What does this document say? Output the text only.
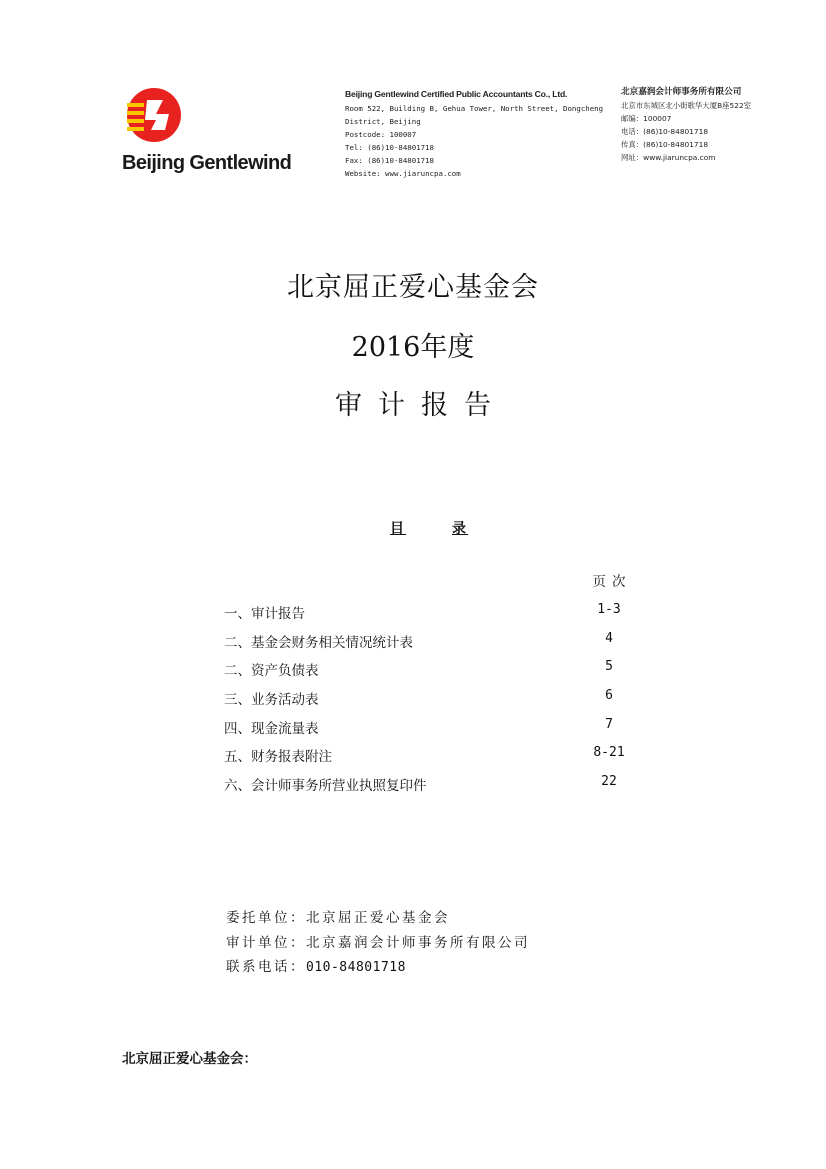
Beijing Gentlewind
Beijing Gentlewind Certified Public Accountants Co., Ltd.
Room 522, Building B, Gehua Tower, North Street, Dongcheng
District, Beijing
Postcode: 100007
Tel: (86)10-84801718
Fax: (86)10-84801718
Website: www.jiaruncpa.com
北京嘉润会计师事务所有限公司
北京市东城区北小街歌华大厦B座522室
邮编：100007
电话：(86)10-84801718
传真：(86)10-84801718
网址：www.jiaruncpa.com
北京屈正爱心基金会
2016年度
审计报告
目	录
页次
一、审计报告	1-3
二、基金会财务相关情况统计表	4
二、资产负债表	5
三、业务活动表	6
四、现金流量表	7
五、财务报表附注	8-21
六、会计师事务所营业执照复印件	22
委托单位：北京屈正爱心基金会
审计单位：北京嘉润会计师事务所有限公司
联系电话：010-84801718
北京屈正爱心基金会：
